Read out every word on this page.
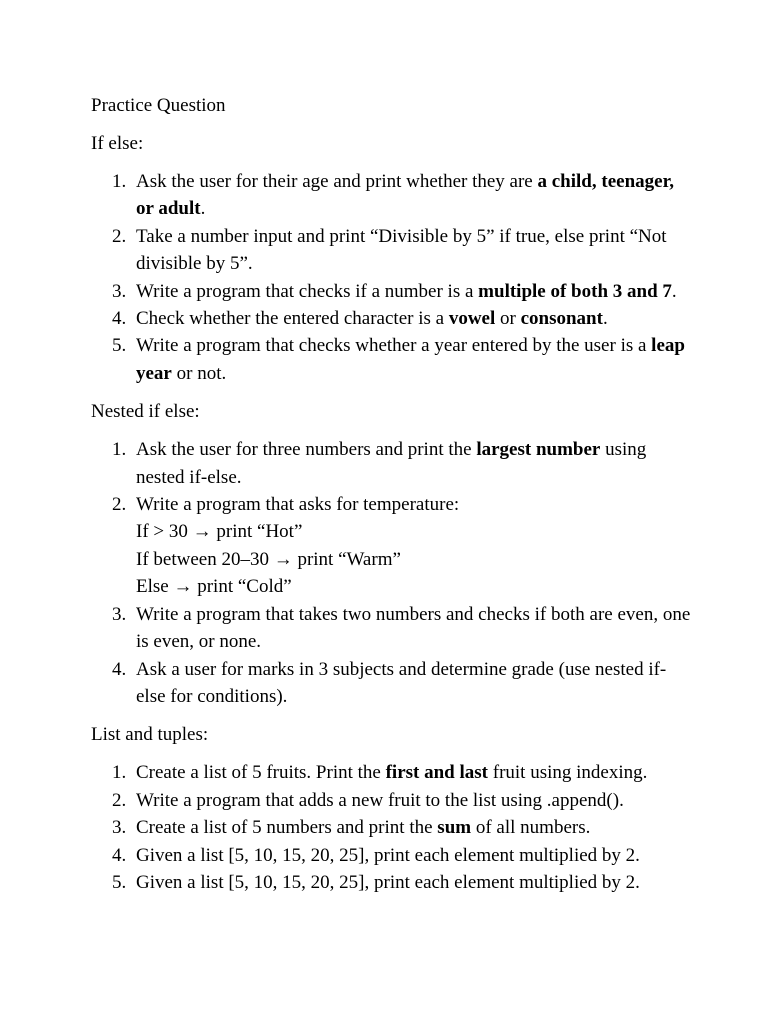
Practice Question

If else:

1. Ask the user for their age and print whether they are a child, teenager, or adult.
2. Take a number input and print “Divisible by 5” if true, else print “Not divisible by 5”.
3. Write a program that checks if a number is a multiple of both 3 and 7.
4. Check whether the entered character is a vowel or consonant.
5. Write a program that checks whether a year entered by the user is a leap year or not.

Nested if else:

1. Ask the user for three numbers and print the largest number using nested if-else.
2. Write a program that asks for temperature:
If > 30 → print “Hot”
If between 20–30 → print “Warm”
Else → print “Cold”
3. Write a program that takes two numbers and checks if both are even, one is even, or none.
4. Ask a user for marks in 3 subjects and determine grade (use nested if-else for conditions).

List and tuples:

1. Create a list of 5 fruits. Print the first and last fruit using indexing.
2. Write a program that adds a new fruit to the list using .append().
3. Create a list of 5 numbers and print the sum of all numbers.
4. Given a list [5, 10, 15, 20, 25], print each element multiplied by 2.
5. Given a list [5, 10, 15, 20, 25], print each element multiplied by 2.
